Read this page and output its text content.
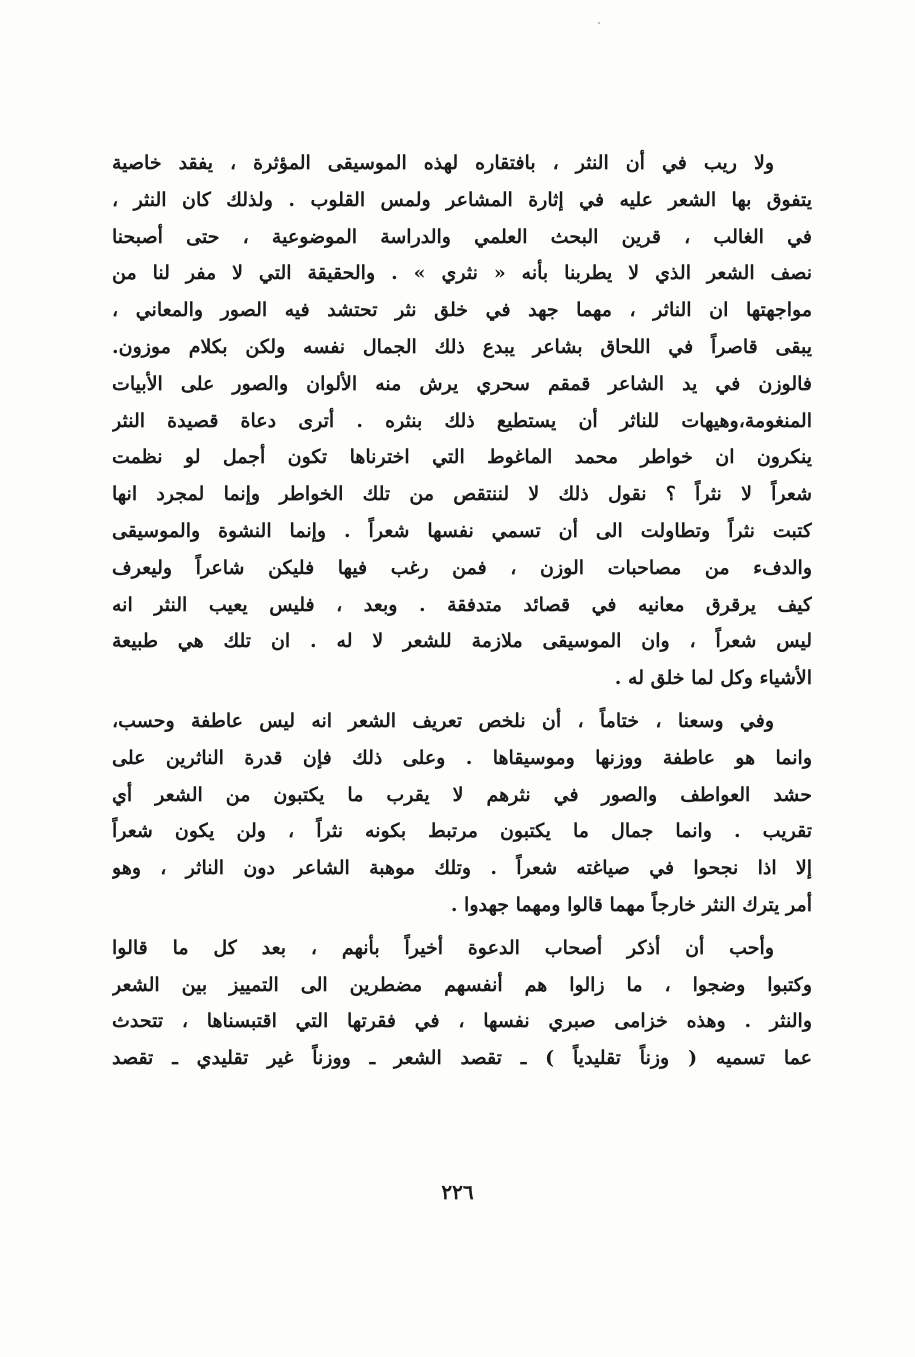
ولا ريب في أن النثر ، بافتقاره لهذه الموسيقى المؤثرة ، يفقد خاصية
يتفوق بها الشعر عليه في إثارة المشاعر ولمس القلوب . ولذلك كان النثر ،
في الغالب ، قرين البحث العلمي والدراسة الموضوعية ، حتى أصبحنا
نصف الشعر الذي لا يطربنا بأنه « نثري » . والحقيقة التي لا مفر لنا من
مواجهتها ان الناثر ، مهما جهد في خلق نثر تحتشد فيه الصور والمعاني ،
يبقى قاصراً في اللحاق بشاعر يبدع ذلك الجمال نفسه ولكن بكلام موزون.
فالوزن في يد الشاعر قمقم سحري يرش منه الألوان والصور على الأبيات
المنغومة،وهيهات للناثر أن يستطيع ذلك بنثره . أترى دعاة قصيدة النثر
ينكرون ان خواطر محمد الماغوط التي اخترناها تكون أجمل لو نظمت
شعراً لا نثراً ؟ نقول ذلك لا لننتقص من تلك الخواطر وإنما لمجرد انها
كتبت نثراً وتطاولت الى أن تسمي نفسها شعراً . وإنما النشوة والموسيقى
والدفء من مصاحبات الوزن ، فمن رغب فيها فليكن شاعراً وليعرف
كيف يرقرق معانيه في قصائد متدفقة . وبعد ، فليس يعيب النثر انه
ليس شعراً ، وان الموسيقى ملازمة للشعر لا له . ان تلك هي طبيعة
الأشياء وكل لما خلق له .
وفي وسعنا ، ختاماً ، أن نلخص تعريف الشعر انه ليس عاطفة وحسب،
وانما هو عاطفة ووزنها وموسيقاها . وعلى ذلك فإن قدرة الناثرين على
حشد العواطف والصور في نثرهم لا يقرب ما يكتبون من الشعر أي
تقريب . وانما جمال ما يكتبون مرتبط بكونه نثراً ، ولن يكون شعراً
إلا اذا نجحوا في صياغته شعراً . وتلك موهبة الشاعر دون الناثر ، وهو
أمر يترك النثر خارجاً مهما قالوا ومهما جهدوا .
وأحب أن أذكر أصحاب الدعوة أخيراً بأنهم ، بعد كل ما قالوا
وكتبوا وضجوا ، ما زالوا هم أنفسهم مضطرين الى التمييز بين الشعر
والنثر . وهذه خزامى صبري نفسها ، في فقرتها التي اقتبسناها ، تتحدث
عما تسميه ( وزناً تقليدياً ) ـ تقصد الشعر ـ ووزناً غير تقليدي ـ تقصد
٢٢٦
